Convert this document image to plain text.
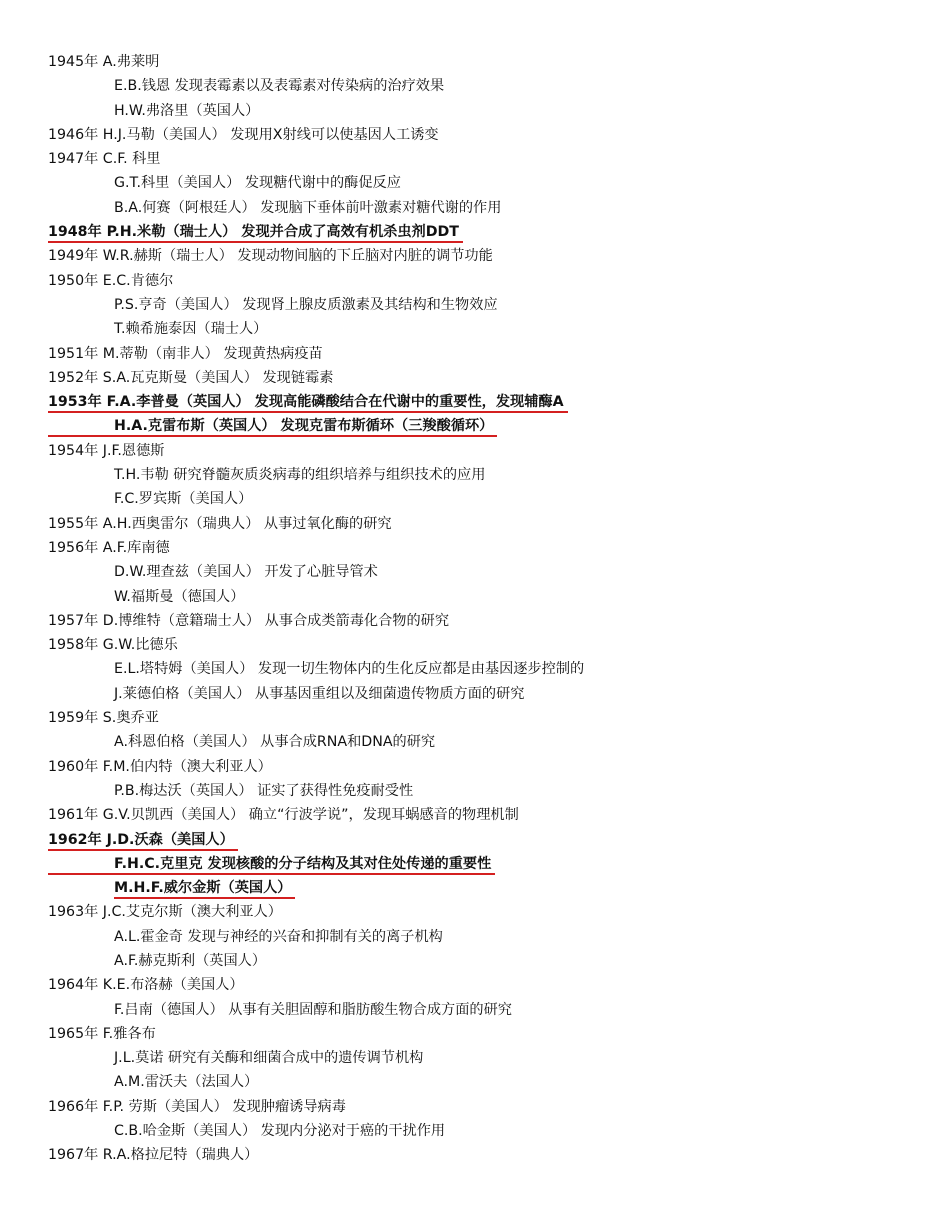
1945年 A.弗莱明
E.B.钱恩 发现表霉素以及表霉素对传染病的治疗效果
H.W.弗洛里（英国人）
1946年 H.J.马勒（美国人） 发现用X射线可以使基因人工诱变
1947年 C.F. 科里
G.T.科里（美国人） 发现糖代谢中的酶促反应
B.A.何赛（阿根廷人） 发现脑下垂体前叶激素对糖代谢的作用
1948年 P.H.米勒（瑞士人） 发现并合成了高效有机杀虫剂DDT
1949年 W.R.赫斯（瑞士人） 发现动物间脑的下丘脑对内脏的调节功能
1950年 E.C.肯德尔
P.S.亨奇（美国人） 发现肾上腺皮质激素及其结构和生物效应
T.赖希施泰因（瑞士人）
1951年 M.蒂勒（南非人） 发现黄热病疫苗
1952年 S.A.瓦克斯曼（美国人） 发现链霉素
1953年 F.A.李普曼（英国人） 发现高能磷酸结合在代谢中的重要性，发现辅酶A
H.A.克雷布斯（英国人） 发现克雷布斯循环（三羧酸循环）
1954年 J.F.恩德斯
T.H.韦勒 研究脊髓灰质炎病毒的组织培养与组织技术的应用
F.C.罗宾斯（美国人）
1955年 A.H.西奥雷尔（瑞典人） 从事过氧化酶的研究
1956年 A.F.库南德
D.W.理查兹（美国人） 开发了心脏导管术
W.福斯曼（德国人）
1957年 D.博维特（意籍瑞士人） 从事合成类箭毒化合物的研究
1958年 G.W.比德乐
E.L.塔特姆（美国人） 发现一切生物体内的生化反应都是由基因逐步控制的
J.莱德伯格（美国人） 从事基因重组以及细菌遗传物质方面的研究
1959年 S.奥乔亚
A.科恩伯格（美国人） 从事合成RNA和DNA的研究
1960年 F.M.伯内特（澳大利亚人）
P.B.梅达沃（英国人） 证实了获得性免疫耐受性
1961年 G.V.贝凯西（美国人） 确立“行波学说”，发现耳蜗感音的物理机制
1962年 J.D.沃森（美国人）
F.H.C.克里克 发现核酸的分子结构及其对住处传递的重要性
M.H.F.威尔金斯（英国人）
1963年 J.C.艾克尔斯（澳大利亚人）
A.L.霍金奇 发现与神经的兴奋和抑制有关的离子机构
A.F.赫克斯利（英国人）
1964年 K.E.布洛赫（美国人）
F.吕南（德国人） 从事有关胆固醇和脂肪酸生物合成方面的研究
1965年 F.雅各布
J.L.莫诺 研究有关酶和细菌合成中的遗传调节机构
A.M.雷沃夫（法国人）
1966年 F.P. 劳斯（美国人） 发现肿瘤诱导病毒
C.B.哈金斯（美国人） 发现内分泌对于癌的干扰作用
1967年 R.A.格拉尼特（瑞典人）
